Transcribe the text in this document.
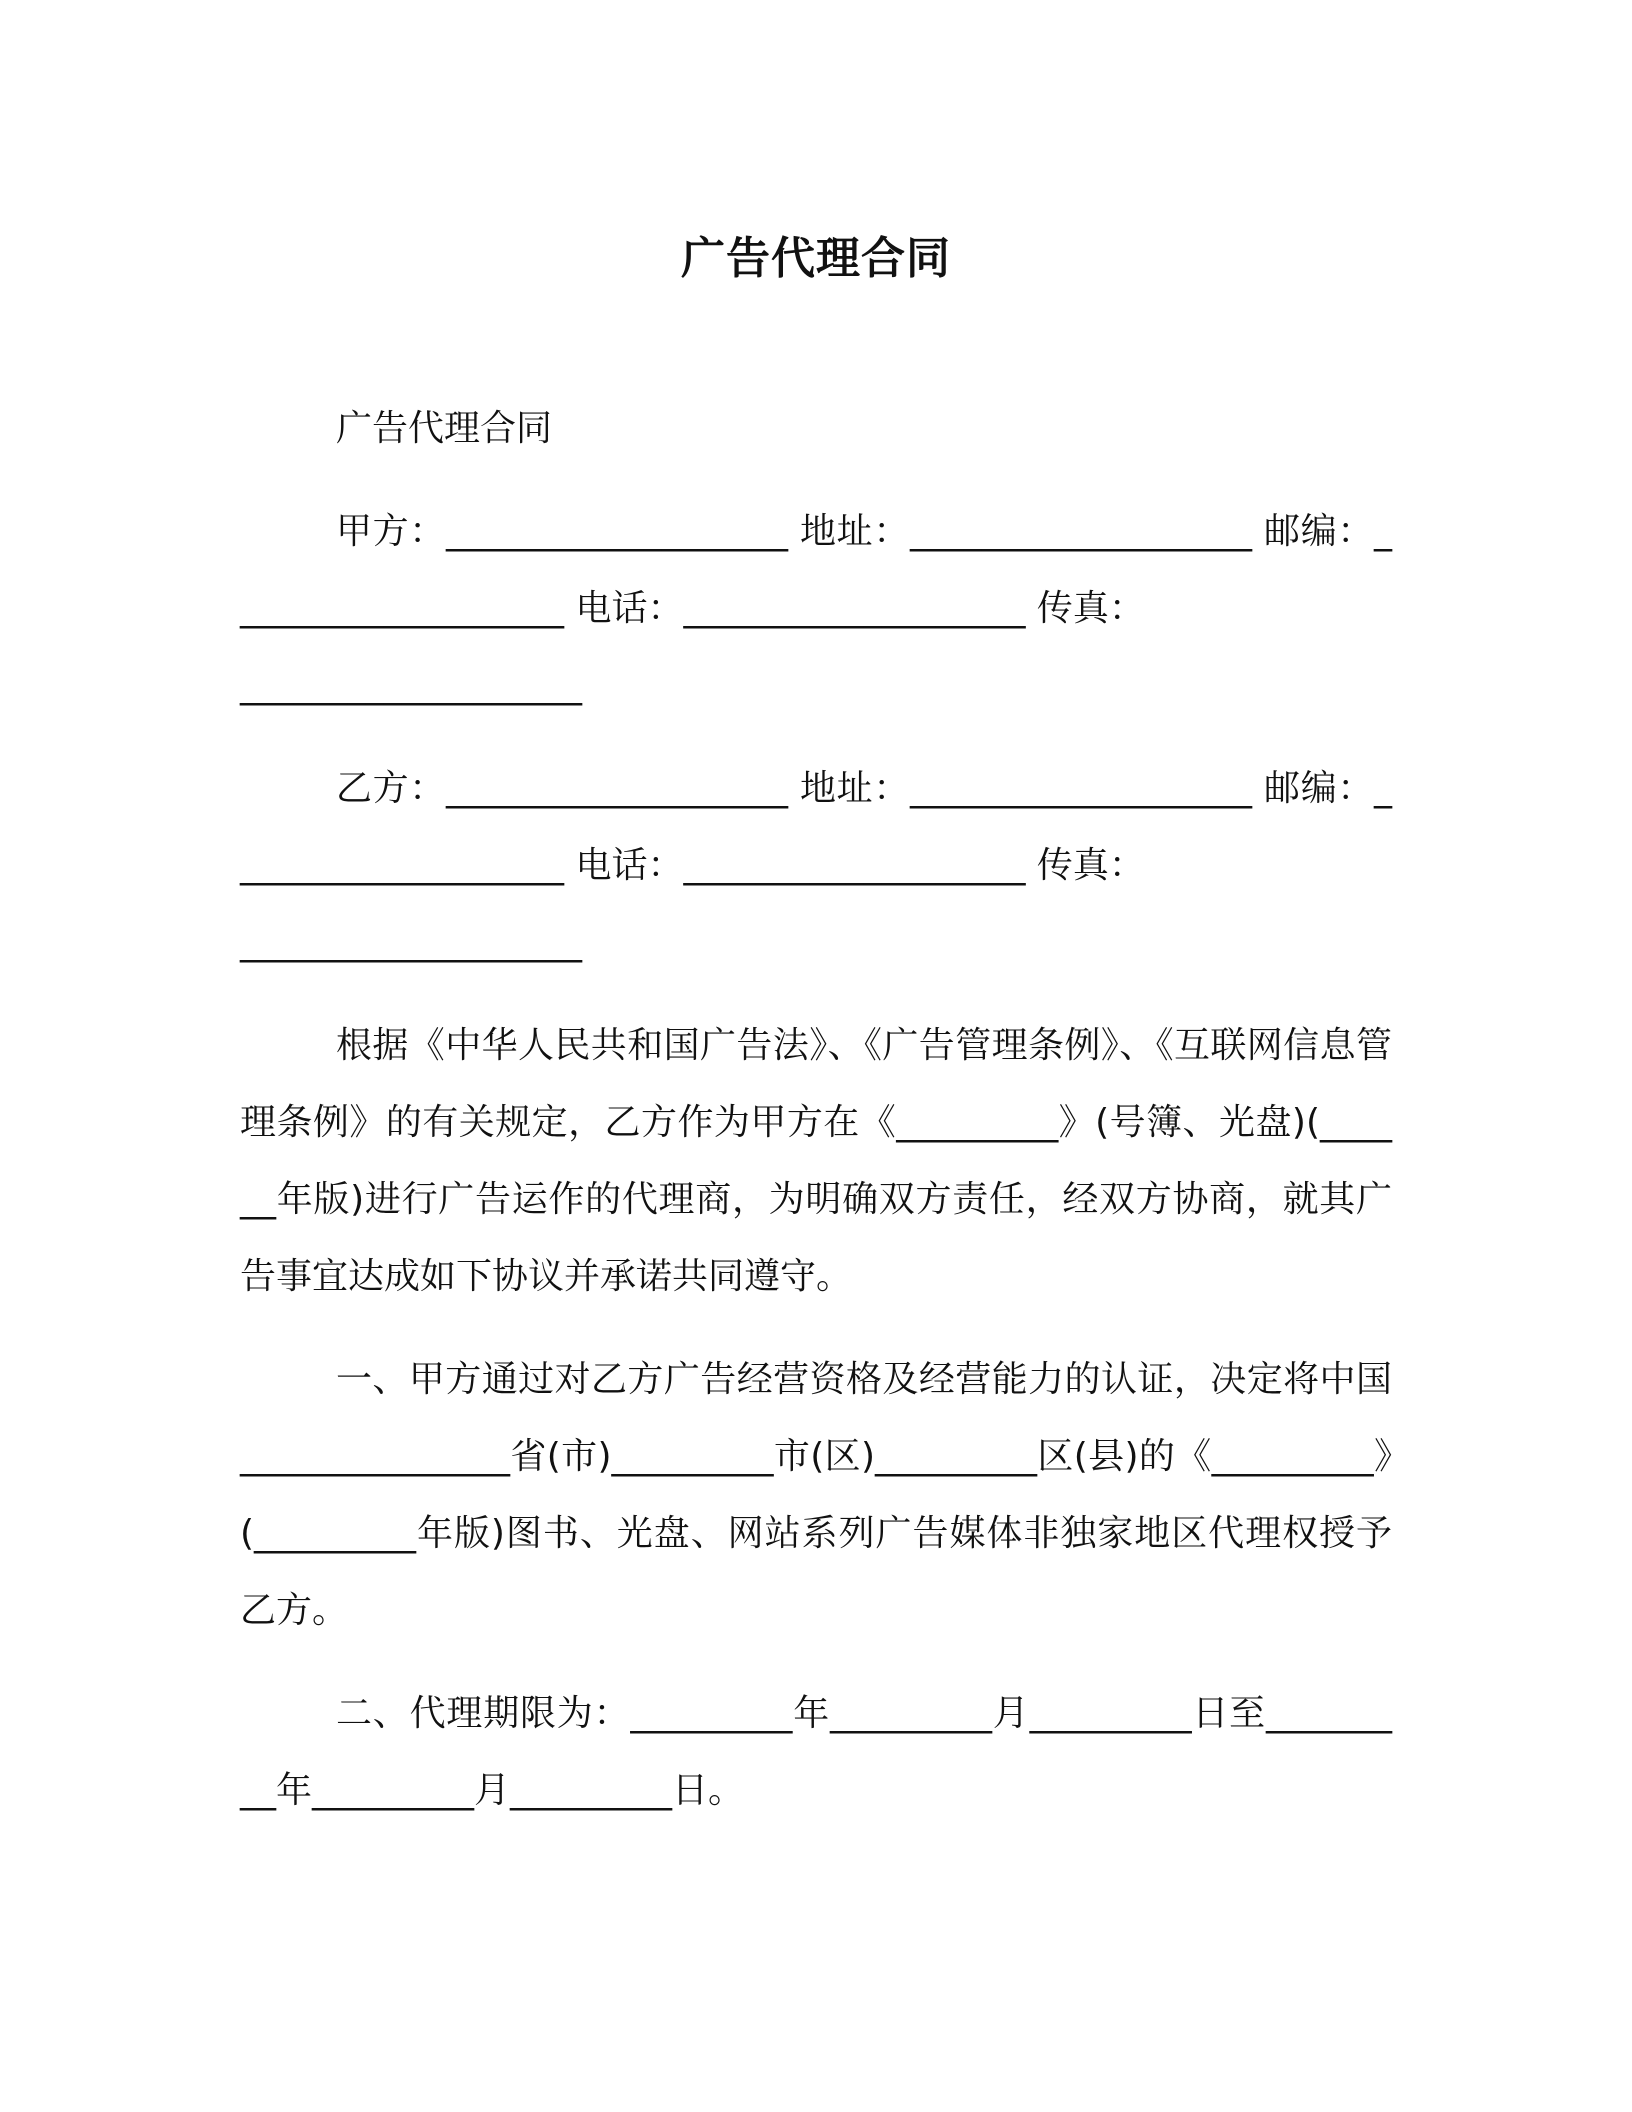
广告代理合同

广告代理合同

甲方：___________________ 地址：___________________ 邮编：___________________ 电话：___________________ 传真：

___________________

乙方：___________________ 地址：___________________ 邮编：___________________ 电话：___________________ 传真：

___________________

根据《中华人民共和国广告法》、《广告管理条例》、《互联网信息管理条例》的有关规定，乙方作为甲方在《_________》(号簿、光盘)(______年版)进行广告运作的代理商，为明确双方责任，经双方协商，就其广告事宜达成如下协议并承诺共同遵守。

一、甲方通过对乙方广告经营资格及经营能力的认证，决定将中国_______________省(市)_________市(区)_________区(县)的《_________》(_________年版)图书、光盘、网站系列广告媒体非独家地区代理权授予乙方。

二、代理期限为：_________年_________月_________日至_________年_________月_________日。
